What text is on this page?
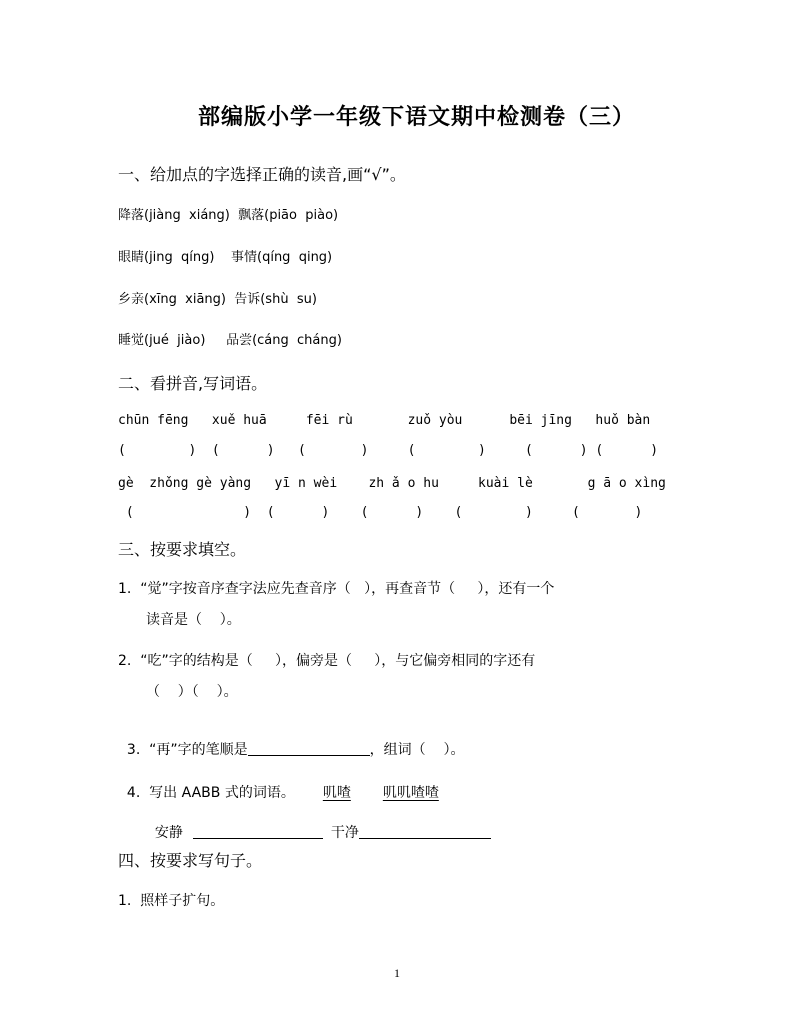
部编版小学一年级下语文期中检测卷（三）
一、给加点的字选择正确的读音,画“√”。
降落(jiàng  xiáng)  飘落(piāo  piào)
眼睛(jing  qíng)    事情(qíng  qing)
乡亲(xīng  xiāng)  告诉(shù  su)
睡觉(jué  jiào)     品尝(cáng  cháng)
二、看拼音,写词语。
chūn fēng   xuě huā     fēi rù       zuǒ yòu      bēi jīng   huǒ bàn
(        )  (      )   (       )     (        )     (      ) (      )
gè  zhǒng gè yàng   yī n wèi    zh ǎ o hu     kuài lè       g ā o xìng
(              )  (      )    (      )    (        )     (       )
三、按要求填空。
1.  “觉”字按音序查字法应先查音序（   ），再查音节（     ），还有一个
读音是（    ）。
2.  “吃”字的结构是（     ），偏旁是（     ），与它偏旁相同的字还有
（    ）（    ）。

3.  “再”字的笔顺是	，组词（    ）。

4.  写出 AABB 式的词语。 叽喳 叽叽喳喳

安静	干净

四、按要求写句子。
1.  照样子扩句。
1
